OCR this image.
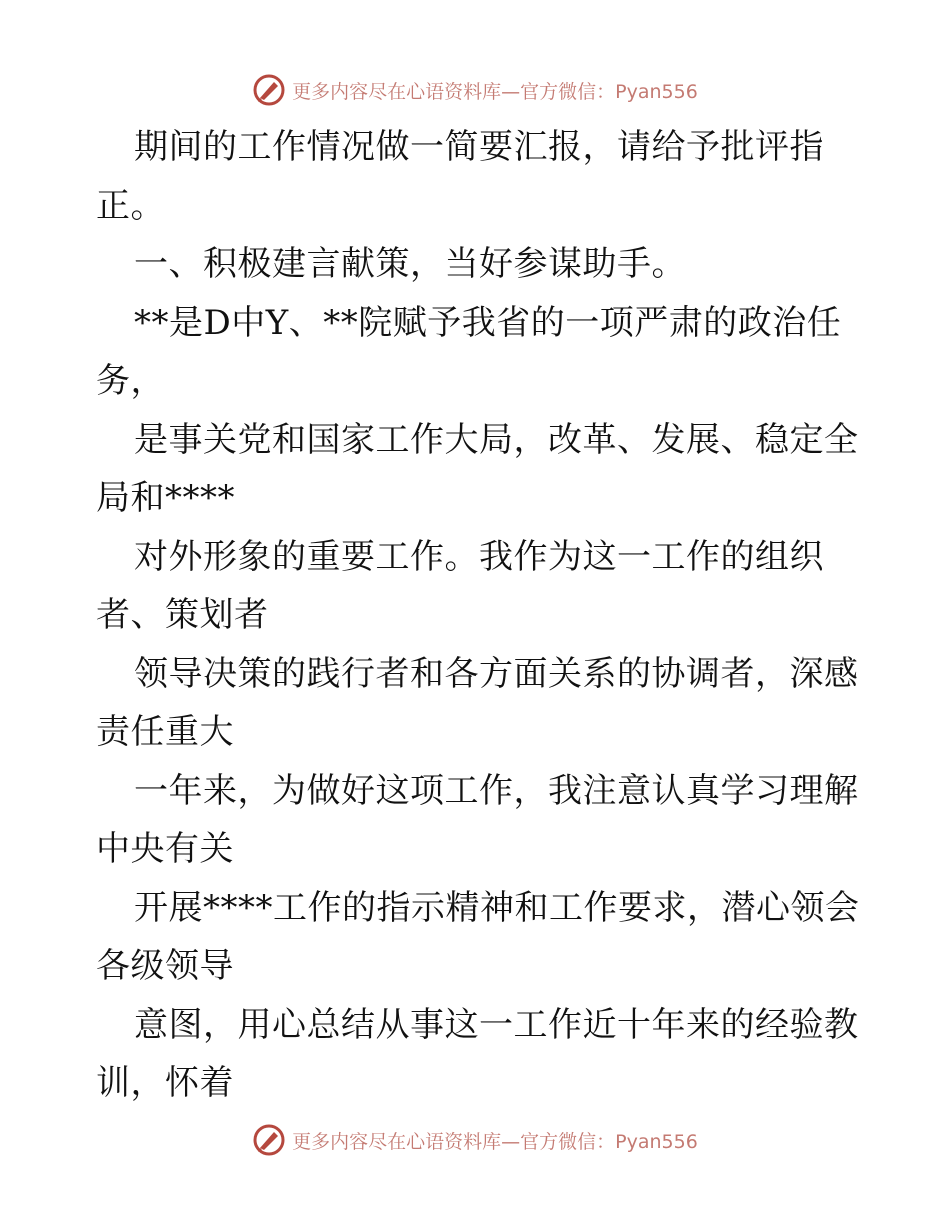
更多内容尽在心语资料库—官方微信：Pyan556
期间的工作情况做一简要汇报，请给予批评指
正。
一、积极建言献策，当好参谋助手。
**是D中Y、**院赋予我省的一项严肃的政治任
务，
是事关党和国家工作大局，改革、发展、稳定全
局和****
对外形象的重要工作。我作为这一工作的组织
者、策划者
领导决策的践行者和各方面关系的协调者，深感
责任重大
一年来，为做好这项工作，我注意认真学习理解
中央有关
开展****工作的指示精神和工作要求，潜心领会
各级领导
意图，用心总结从事这一工作近十年来的经验教
训，怀着
更多内容尽在心语资料库—官方微信：Pyan556
